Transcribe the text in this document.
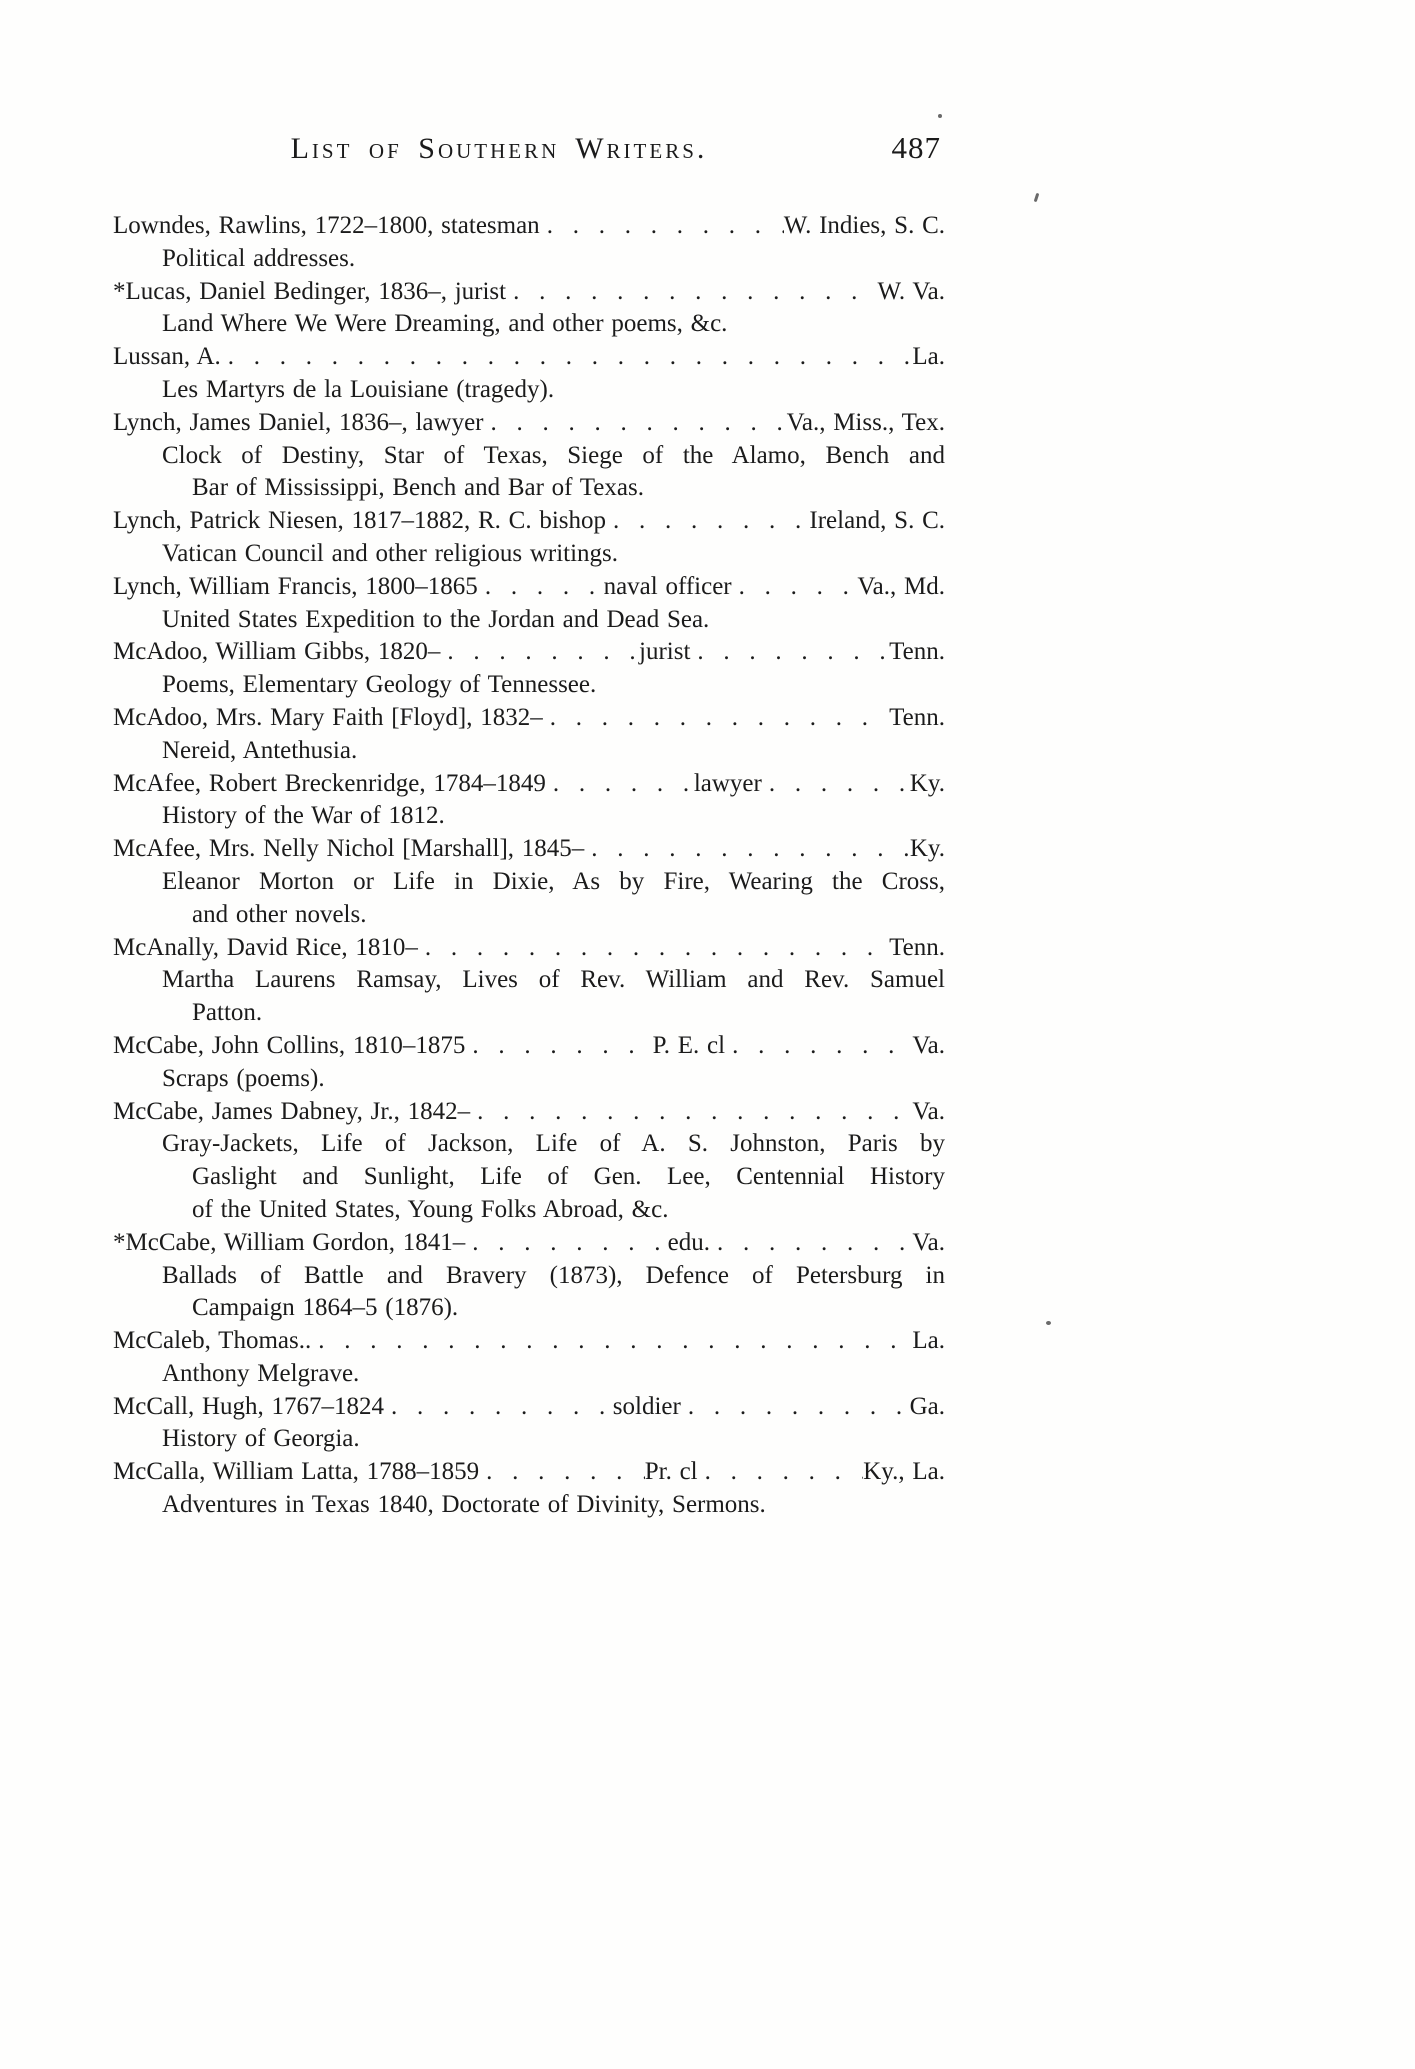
List of Southern Writers.	487
Lowndes, Rawlins, 1722–1800, statesman . . .	W. Indies, S. C.
Political addresses.
*Lucas, Daniel Bedinger, 1836–, jurist . . .	W. Va.
Land Where We Were Dreaming, and other poems, &c.
Lussan, A. . . .	La.
Les Martyrs de la Louisiane (tragedy).
Lynch, James Daniel, 1836–, lawyer . . .	Va., Miss., Tex.
Clock of Destiny, Star of Texas, Siege of the Alamo, Bench and
Bar of Mississippi, Bench and Bar of Texas.
Lynch, Patrick Niesen, 1817–1882, R. C. bishop . . .	Ireland, S. C.
Vatican Council and other religious writings.
Lynch, William Francis, 1800–1865 . . .	naval officer . . .	Va., Md.
United States Expedition to the Jordan and Dead Sea.
McAdoo, William Gibbs, 1820– . . .	jurist . . .	Tenn.
Poems, Elementary Geology of Tennessee.
McAdoo, Mrs. Mary Faith [Floyd], 1832– . . .	Tenn.
Nereid, Antethusia.
McAfee, Robert Breckenridge, 1784–1849 . . .	lawyer . . .	Ky.
History of the War of 1812.
McAfee, Mrs. Nelly Nichol [Marshall], 1845– . . .	Ky.
Eleanor Morton or Life in Dixie, As by Fire, Wearing the Cross,
and other novels.
McAnally, David Rice, 1810– . . .	Tenn.
Martha Laurens Ramsay, Lives of Rev. William and Rev. Samuel
Patton.
McCabe, John Collins, 1810–1875 . . .	P. E. cl . . .	Va.
Scraps (poems).
McCabe, James Dabney, Jr., 1842– . . .	Va.
Gray-Jackets, Life of Jackson, Life of A. S. Johnston, Paris by
Gaslight and Sunlight, Life of Gen. Lee, Centennial History
of the United States, Young Folks Abroad, &c.
*McCabe, William Gordon, 1841– . . .	edu. . . .	Va.
Ballads of Battle and Bravery (1873), Defence of Petersburg in
Campaign 1864–5 (1876).
McCaleb, Thomas.. . . .	La.
Anthony Melgrave.
McCall, Hugh, 1767–1824 . . .	soldier . . .	Ga.
History of Georgia.
McCalla, William Latta, 1788–1859 . . .	Pr. cl . . .	Ky., La.
Adventures in Texas 1840, Doctorate of Divinity, Sermons.
